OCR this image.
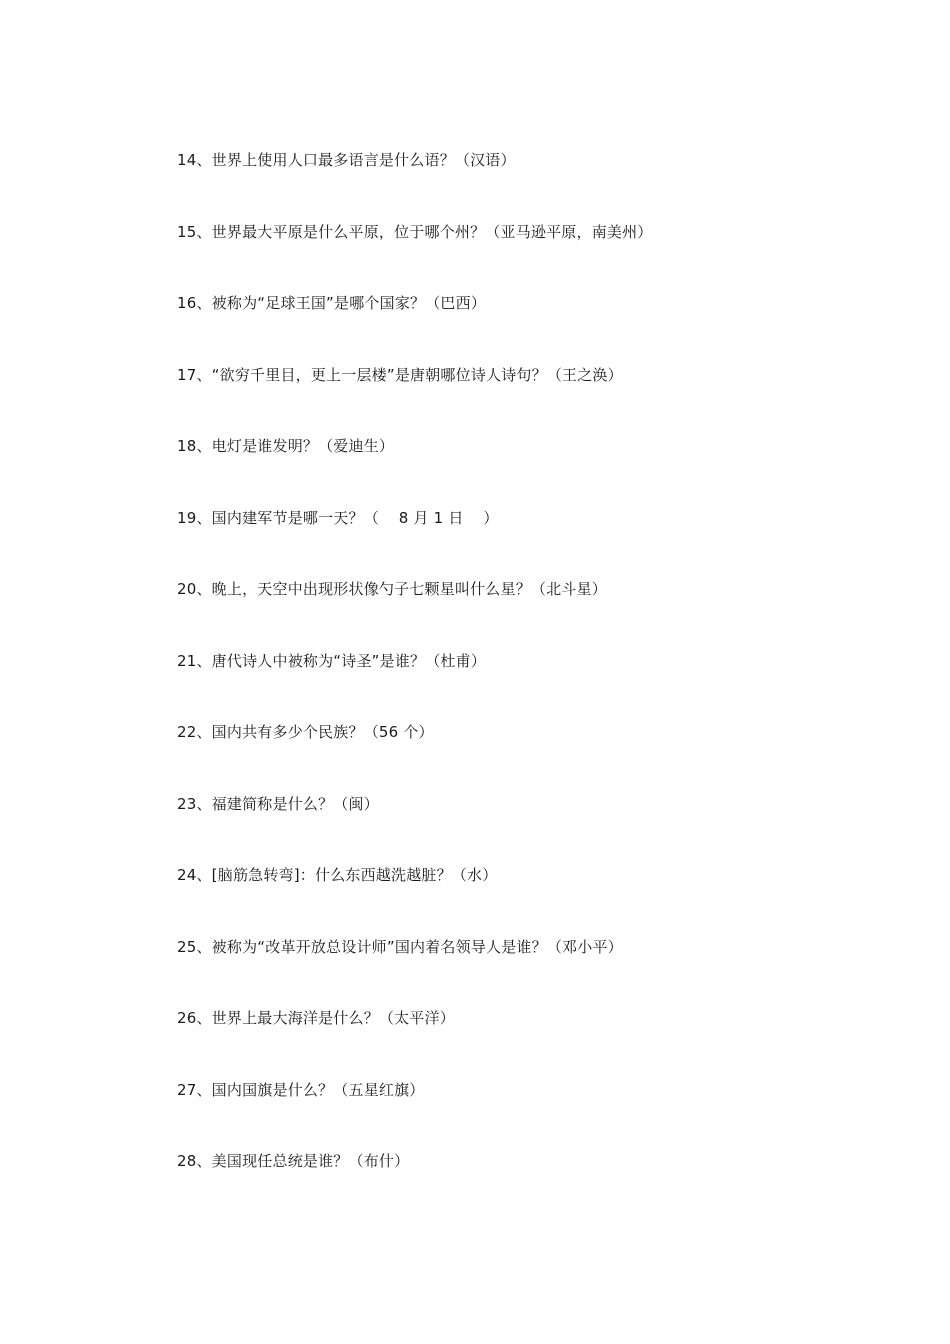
14、世界上使用人口最多语言是什么语？（汉语）
15、世界最大平原是什么平原，位于哪个州？（亚马逊平原，南美州）
16、被称为“足球王国”是哪个国家？（巴西）
17、“欲穷千里目，更上一层楼”是唐朝哪位诗人诗句？（王之涣）
18、电灯是谁发明？（爱迪生）
19、国内建军节是哪一天？（    8 月 1 日    ）
20、晚上，天空中出现形状像勺子七颗星叫什么星？（北斗星）
21、唐代诗人中被称为“诗圣”是谁？（杜甫）
22、国内共有多少个民族？（56 个）
23、福建简称是什么？（闽）
24、[脑筋急转弯]：什么东西越洗越脏？（水）
25、被称为“改革开放总设计师”国内着名领导人是谁？（邓小平）
26、世界上最大海洋是什么？（太平洋）
27、国内国旗是什么？（五星红旗）
28、美国现任总统是谁？（布什）
